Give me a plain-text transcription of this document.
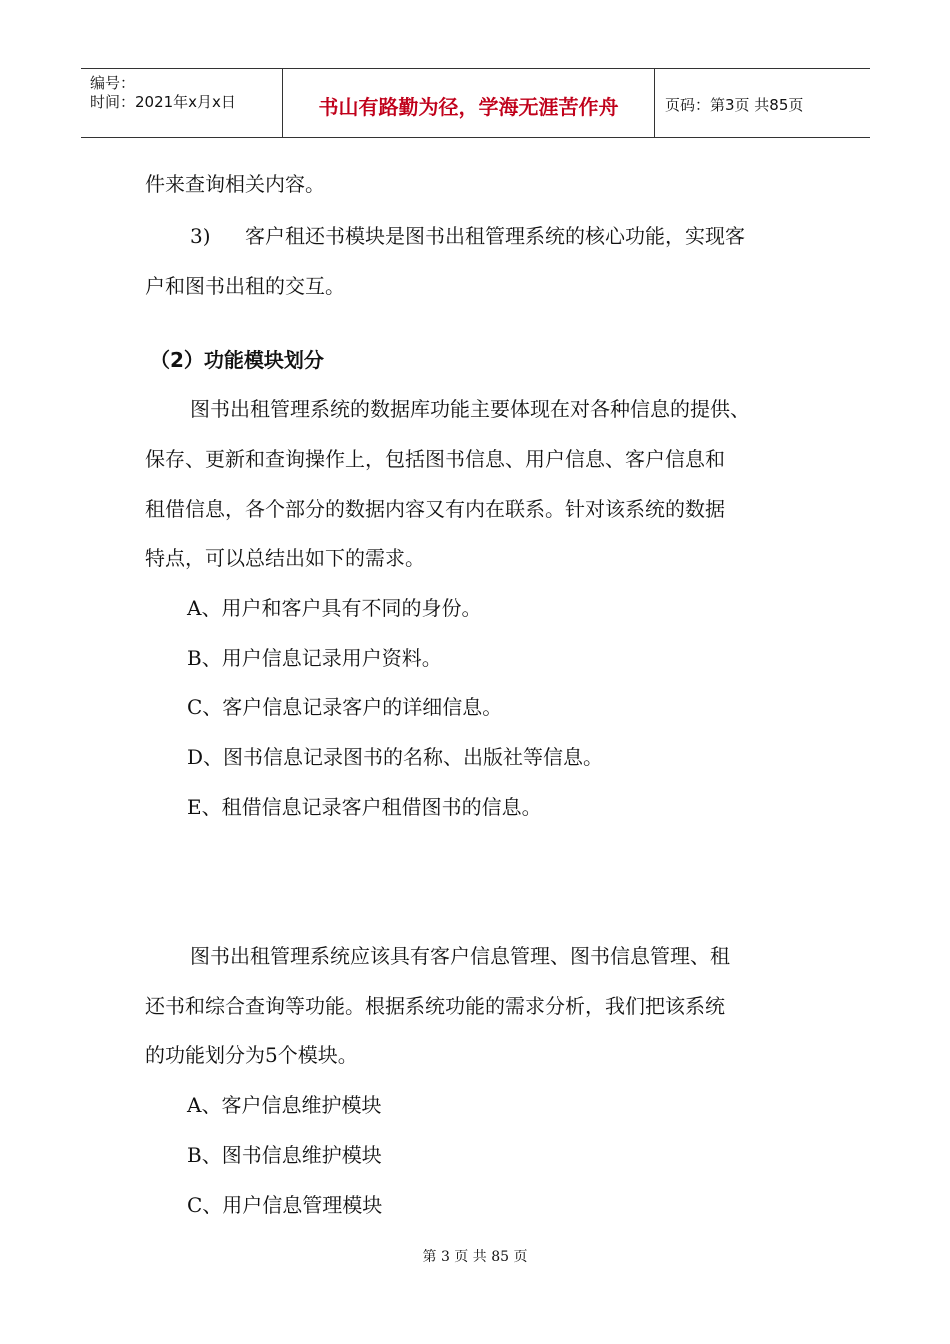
编号：
时间：2021年x月x日	书山有路勤为径，学海无涯苦作舟	页码：第3页 共85页
件来查询相关内容。
3) 客户租还书模块是图书出租管理系统的核心功能，实现客
户和图书出租的交互。
（2）功能模块划分
图书出租管理系统的数据库功能主要体现在对各种信息的提供、
保存、更新和查询操作上，包括图书信息、用户信息、客户信息和
租借信息，各个部分的数据内容又有内在联系。针对该系统的数据
特点，可以总结出如下的需求。
A、用户和客户具有不同的身份。
B、用户信息记录用户资料。
C、客户信息记录客户的详细信息。
D、图书信息记录图书的名称、出版社等信息。
E、租借信息记录客户租借图书的信息。
图书出租管理系统应该具有客户信息管理、图书信息管理、租
还书和综合查询等功能。根据系统功能的需求分析，我们把该系统
的功能划分为5个模块。
A、客户信息维护模块
B、图书信息维护模块
C、用户信息管理模块
第 3 页 共 85 页
